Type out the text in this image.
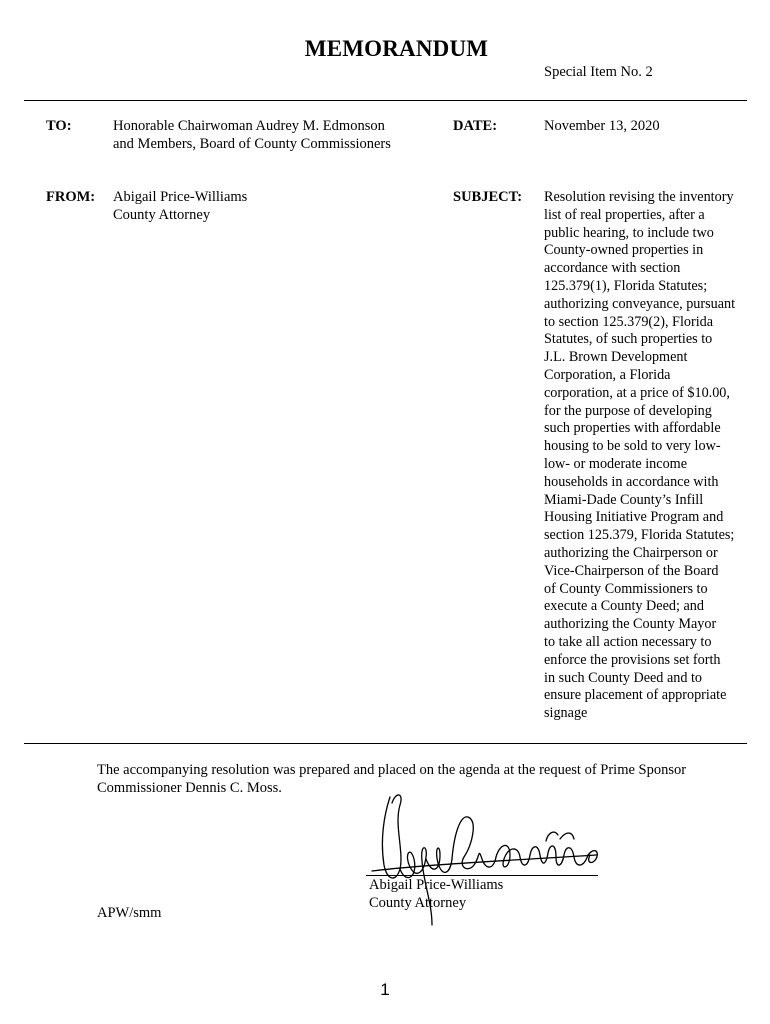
MEMORANDUM
Special Item No. 2
TO:	Honorable Chairwoman Audrey M. Edmonson
and Members, Board of County Commissioners
DATE:	November 13, 2020
FROM: Abigail Price-Williams
County Attorney
SUBJECT: Resolution revising the inventory
list of real properties, after a
public hearing, to include two
County-owned properties in
accordance with section
125.379(1), Florida Statutes;
authorizing conveyance, pursuant
to section 125.379(2), Florida
Statutes, of such properties to
J.L. Brown Development
Corporation, a Florida
corporation, at a price of $10.00,
for the purpose of developing
such properties with affordable
housing to be sold to very low-
low- or moderate income
households in accordance with
Miami-Dade County’s Infill
Housing Initiative Program and
section 125.379, Florida Statutes;
authorizing the Chairperson or
Vice-Chairperson of the Board
of County Commissioners to
execute a County Deed; and
authorizing the County Mayor
to take all action necessary to
enforce the provisions set forth
in such County Deed and to
ensure placement of appropriate
signage
The accompanying resolution was prepared and placed on the agenda at the request of Prime Sponsor
Commissioner Dennis C. Moss.
Abigail Price-Williams
County Attorney
APW/smm
1
